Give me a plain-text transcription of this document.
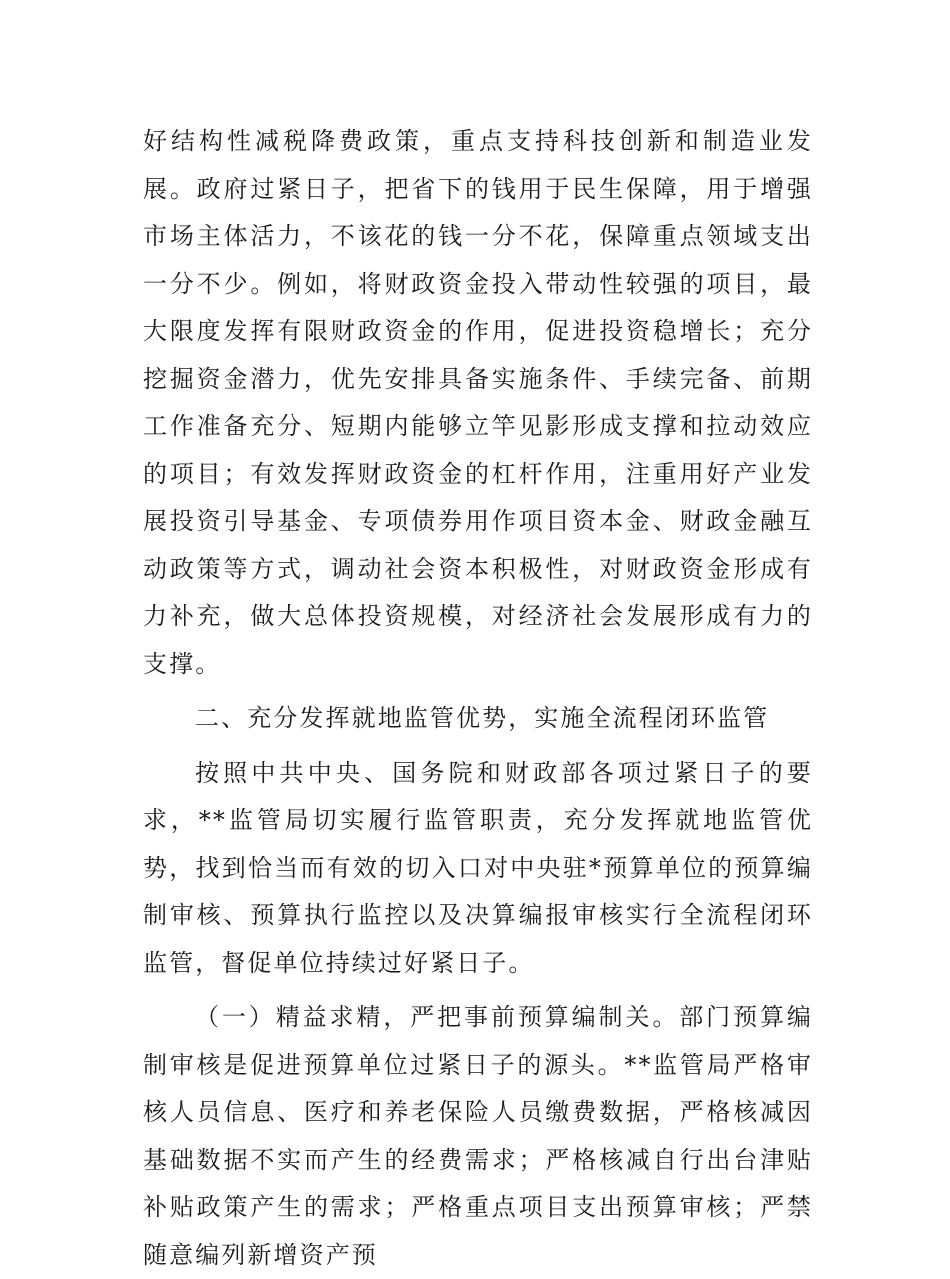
好结构性减税降费政策，重点支持科技创新和制造业发展。政府过紧日子，把省下的钱用于民生保障，用于增强市场主体活力，不该花的钱一分不花，保障重点领域支出一分不少。例如，将财政资金投入带动性较强的项目，最大限度发挥有限财政资金的作用，促进投资稳增长；充分挖掘资金潜力，优先安排具备实施条件、手续完备、前期工作准备充分、短期内能够立竿见影形成支撑和拉动效应的项目；有效发挥财政资金的杠杆作用，注重用好产业发展投资引导基金、专项债券用作项目资本金、财政金融互动政策等方式，调动社会资本积极性，对财政资金形成有力补充，做大总体投资规模，对经济社会发展形成有力的支撑。

二、充分发挥就地监管优势，实施全流程闭环监管

按照中共中央、国务院和财政部各项过紧日子的要求，**监管局切实履行监管职责，充分发挥就地监管优势，找到恰当而有效的切入口对中央驻*预算单位的预算编制审核、预算执行监控以及决算编报审核实行全流程闭环监管，督促单位持续过好紧日子。

（一）精益求精，严把事前预算编制关。部门预算编制审核是促进预算单位过紧日子的源头。**监管局严格审核人员信息、医疗和养老保险人员缴费数据，严格核减因基础数据不实而产生的经费需求；严格核减自行出台津贴补贴政策产生的需求；严格重点项目支出预算审核；严禁随意编列新增资产预
